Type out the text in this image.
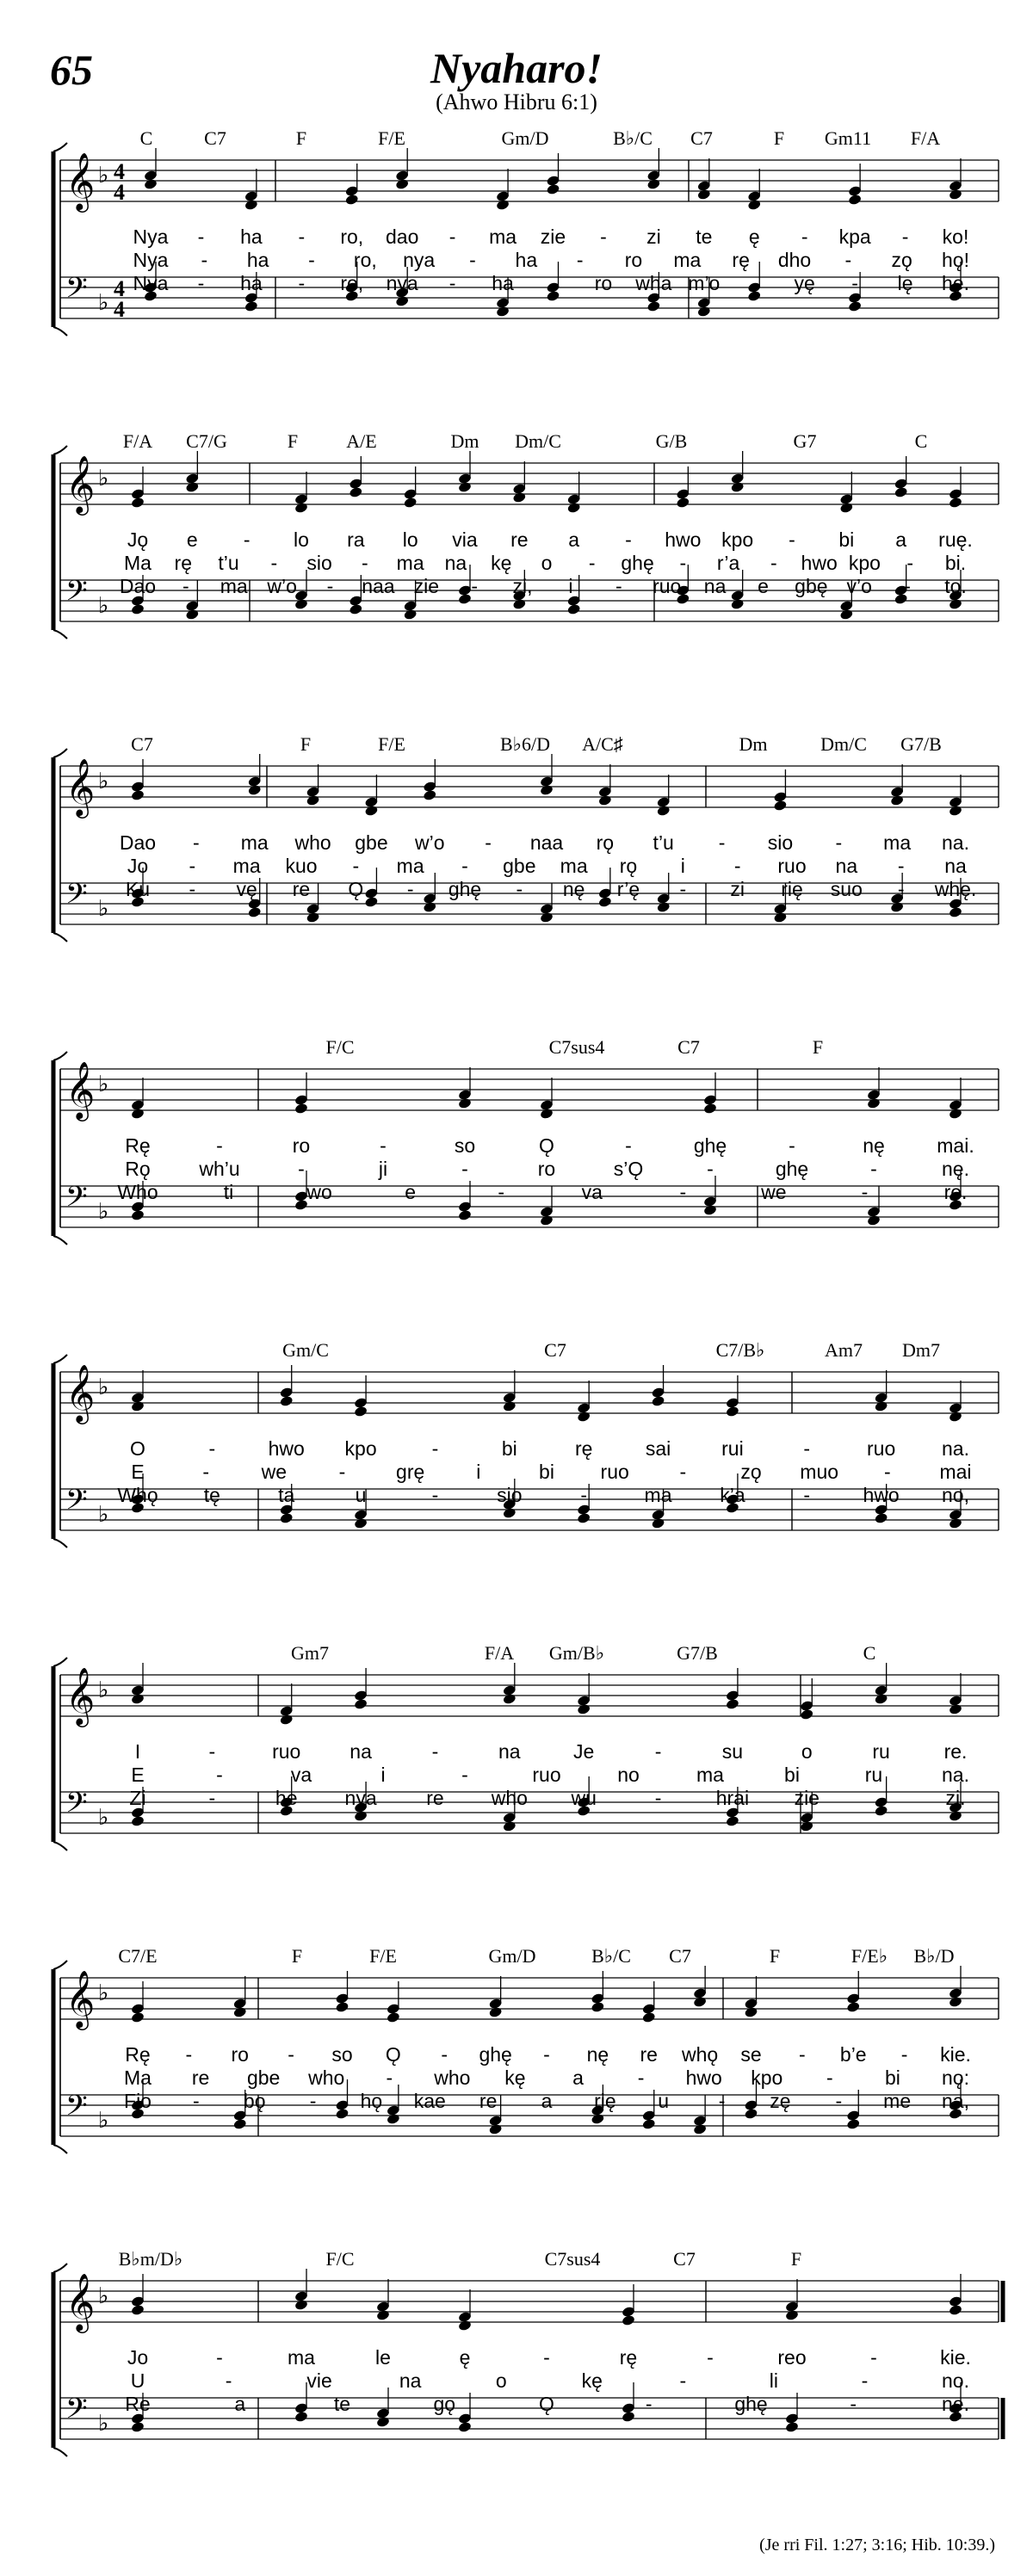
65	Nyaharo!
(Ahwo Hibru 6:1)
𝄞
𝄢
♭
♭
4
4
4
4
C	C7	F	F/E	Gm/D	B♭/C C7	F Gm11 F/A
Nya - ha - ro, dao - ma zie - zi te ę - kpa - ko!
Nya - ha - ro, nya - ha - ro ma rę dho - zǫ hǫ!
Nya - ha - ro, nya - ha - ro wha m’o - yę - lę hę.
𝄞
𝄢
♭
♭
F/A C7/G	F	A/E	Dm Dm/C	G/B	G7	C
Jǫ e - lo ra lo via re a - hwo kpo - bi a ruę.
Ma rę t’u - sio - ma na kę o - ghę - r’a - hwo kpo - bi.
Dao - ma w’o - naa zie - zi, i - ruo na e gbę v’o - tǫ.
𝄞
𝄢
♭
♭
C7	F	F/E	B♭6/D A/C♯	Dm	Dm/C G7/B
Dao - ma who gbe w’o - naa rǫ t’u - sio - ma na.
Jo - ma kuo - ma - gbe ma rǫ i - ruo na - na
Ku - vę re Ǫ - ghę - nę r’ę - zi rię suo - whę.
𝄞
𝄢
♭
♭
F/C	C7sus4	C7	F
Rę	-	ro	-	so	Ǫ	-	ghę	-	nę	mai.
Rǫ wh’u	-	ji	-	ro	s’Ǫ	-	ghę	-	nę.
Who	ti	wo	e	-	va	-	we	-	re.
𝄞
𝄢
♭
♭
Gm/C	C7	C7/B♭	Am7 Dm7
O	-	hwo kpo	-	bi	rę	sai	rui	-	ruo na.
E	-	we	-	grę	i	bi ruo	-	zǫ muo - mai
Whǫ tę	ta	u	-	sio	-	ma k’a	-	hwo no,
𝄞
𝄢
♭
♭
Gm7	F/A Gm/B♭	G7/B	C
I	-	ruo na	-	na	Je	-	su	o	ru	re.
E	-	va	i	-	ruo	no	ma	bi	ru	na.
Zi	-	he nya	re who wu	-	hrai zie	-	zi.
𝄞
𝄢
♭
♭
C7/E	F	F/E	Gm/D	B♭/C C7	F	F/E♭ B♭/D
Rę - ro - so Ǫ - ghę - nę re whǫ se - b’e - kie.
Ma re gbe who - who kę a	- hwo kpo -	bi nǫ:
Fio - bǫ - hǫ kae re a rię u	- zę - me na,
𝄞
𝄢
♭
♭
B♭m/D♭	F/C	C7sus4	C7	F
Jo	-	ma	le	ę	-	rę	-	reo	-	kie.
U	-	vie	na	o	kę	-	li	-	no.
Re	a	te	gǫ	Ǫ	-	ghę	-	nę.
(Je rri Fil. 1:27; 3:16; Hib. 10:39.)
